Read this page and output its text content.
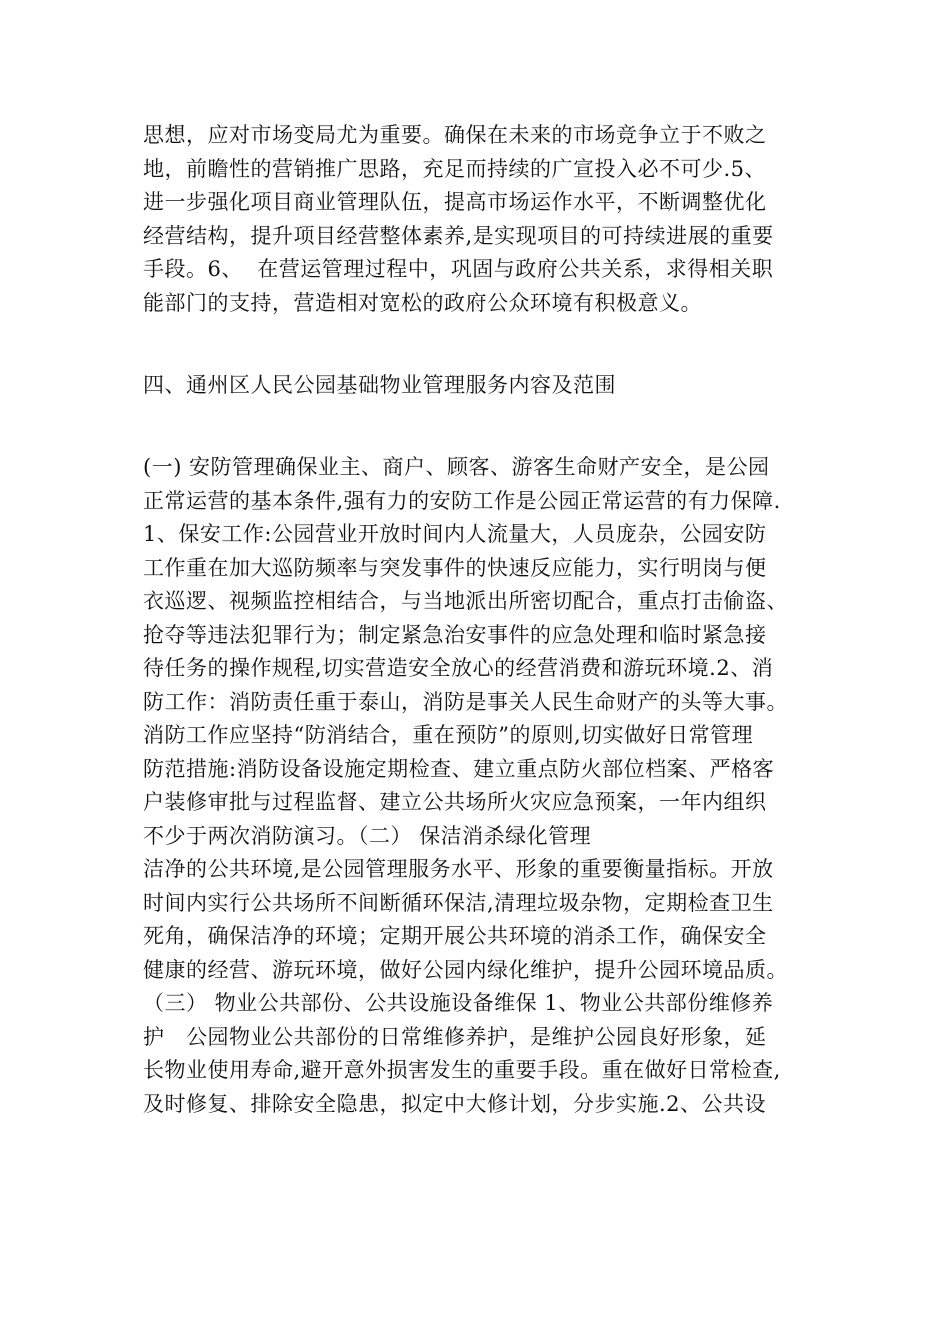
思想，应对市场变局尤为重要。确保在未来的市场竞争立于不败之
地，前瞻性的营销推广思路，充足而持续的广宣投入必不可少.5、
进一步强化项目商业管理队伍，提高市场运作水平，不断调整优化
经营结构，提升项目经营整体素养,是实现项目的可持续进展的重要
手段。6、  在营运管理过程中，巩固与政府公共关系，求得相关职
能部门的支持，营造相对宽松的政府公众环境有积极意义。
四、通州区人民公园基础物业管理服务内容及范围
(一) 安防管理确保业主、商户、顾客、游客生命财产安全，是公园
正常运营的基本条件,强有力的安防工作是公园正常运营的有力保障.
1、保安工作:公园营业开放时间内人流量大，人员庞杂，公园安防
工作重在加大巡防频率与突发事件的快速反应能力，实行明岗与便
衣巡逻、视频监控相结合，与当地派出所密切配合，重点打击偷盗、
抢夺等违法犯罪行为；制定紧急治安事件的应急处理和临时紧急接
待任务的操作规程,切实营造安全放心的经营消费和游玩环境.2、消
防工作：消防责任重于泰山，消防是事关人民生命财产的头等大事。
消防工作应坚持“防消结合，重在预防”的原则,切实做好日常管理
防范措施:消防设备设施定期检查、建立重点防火部位档案、严格客
户装修审批与过程监督、建立公共场所火灾应急预案，一年内组织
不少于两次消防演习。（二） 保洁消杀绿化管理
洁净的公共环境,是公园管理服务水平、形象的重要衡量指标。开放
时间内实行公共场所不间断循环保洁,清理垃圾杂物，定期检查卫生
死角，确保洁净的环境；定期开展公共环境的消杀工作，确保安全
健康的经营、游玩环境，做好公园内绿化维护，提升公园环境品质。
（三） 物业公共部份、公共设施设备维保 1、物业公共部份维修养
护   公园物业公共部份的日常维修养护，是维护公园良好形象，延
长物业使用寿命,避开意外损害发生的重要手段。重在做好日常检查,
及时修复、排除安全隐患，拟定中大修计划，分步实施.2、公共设
